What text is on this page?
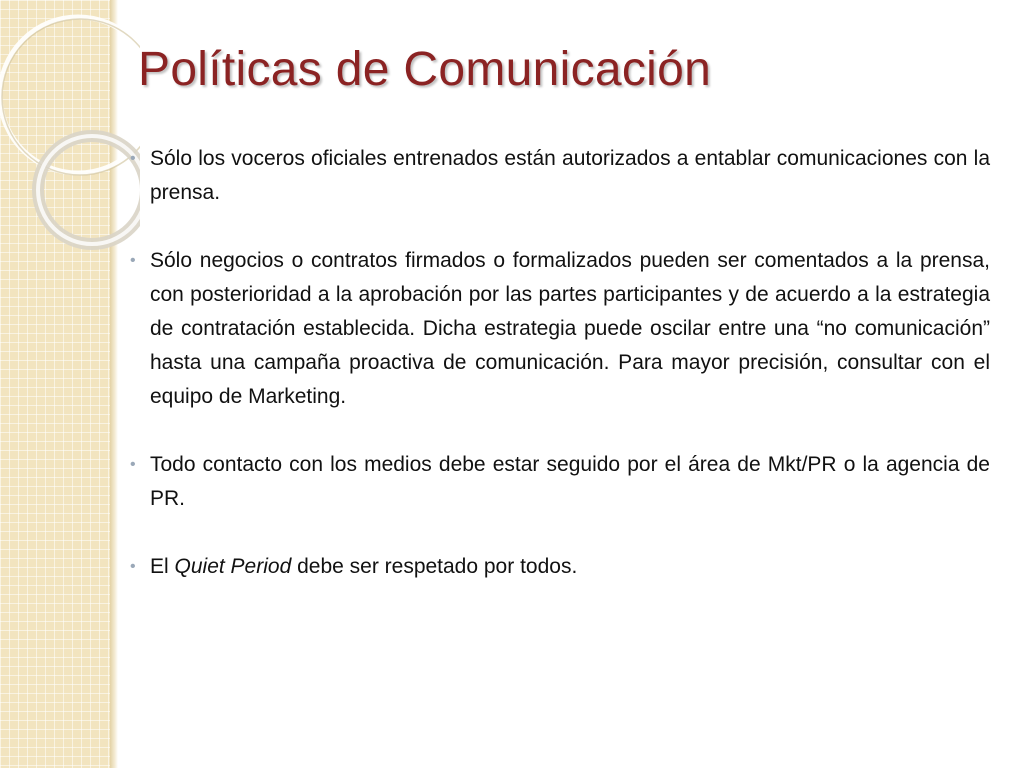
Políticas de Comunicación
• Sólo los voceros oficiales entrenados están autorizados a entablar comunicaciones con la prensa.
• Sólo negocios o contratos firmados o formalizados pueden ser comentados a la prensa, con posterioridad a la aprobación por las partes participantes y de acuerdo a la estrategia de contratación establecida. Dicha estrategia puede oscilar entre una “no comunicación” hasta una campaña proactiva de comunicación. Para mayor precisión, consultar con el equipo de Marketing.
• Todo contacto con los medios debe estar seguido por el área de Mkt/PR o la agencia de PR.
• El Quiet Period debe ser respetado por todos.
